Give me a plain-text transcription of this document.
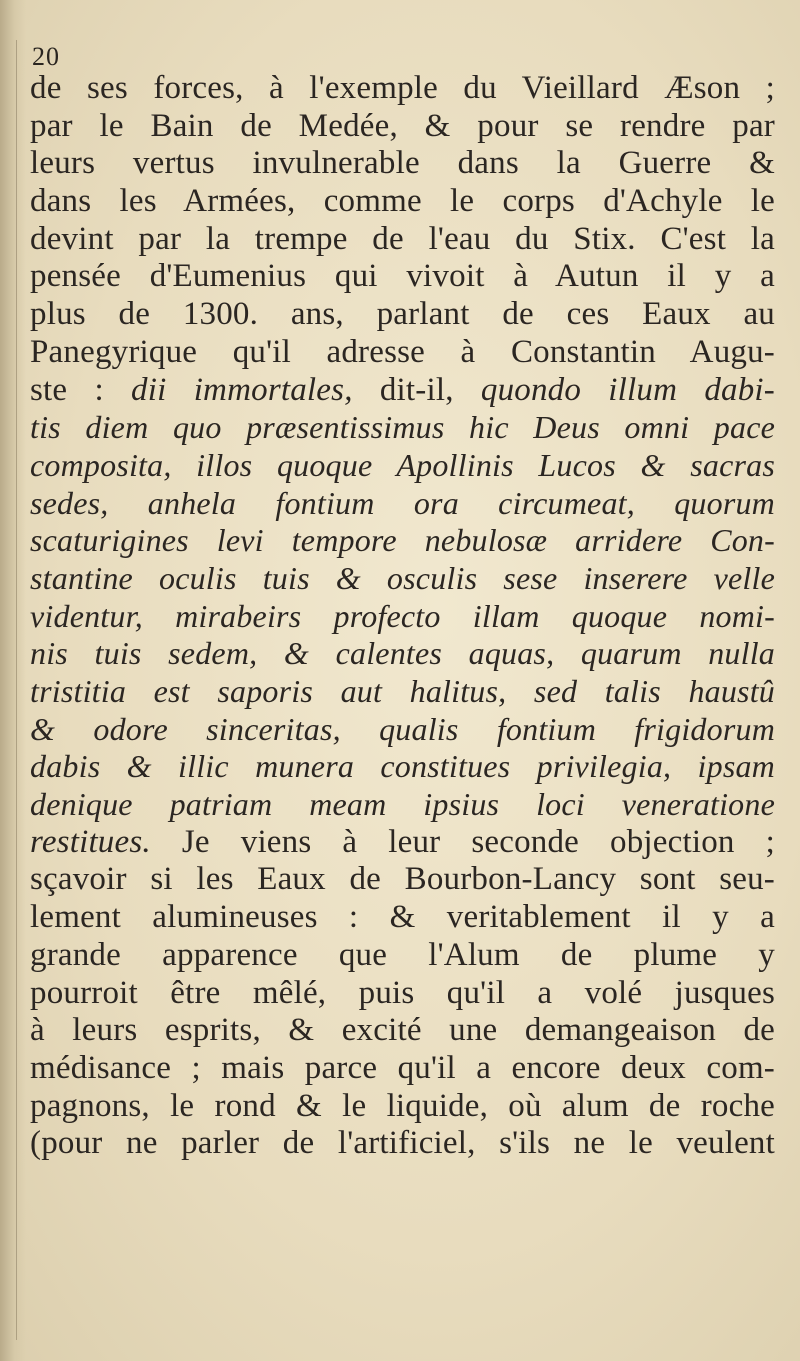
20
de ses forces, à l'exemple du Vieillard Æson ;
par le Bain de Medée, & pour se rendre par
leurs vertus invulnerable dans la Guerre &
dans les Armées, comme le corps d'Achyle le
devint par la trempe de l'eau du Stix. C'est la
pensée d'Eumenius qui vivoit à Autun il y a
plus de 1300. ans, parlant de ces Eaux au
Panegyrique qu'il adresse à Constantin Augu-
ste : dii immortales, dit-il, quondo illum dabi-
tis diem quo præsentissimus hic Deus omni pace
composita, illos quoque Apollinis Lucos & sacras
sedes, anhela fontium ora circumeat, quorum
scaturigines levi tempore nebulosæ arridere Con-
stantine oculis tuis & osculis sese inserere velle
videntur, mirabeirs profecto illam quoque nomi-
nis tuis sedem, & calentes aquas, quarum nulla
tristitia est saporis aut halitus, sed talis haustû
& odore sinceritas, qualis fontium frigidorum
dabis & illic munera constitues privilegia, ipsam
denique patriam meam ipsius loci veneratione
restitues. Je viens à leur seconde objection ;
sçavoir si les Eaux de Bourbon-Lancy sont seu-
lement alumineuses : & veritablement il y a
grande apparence que l'Alum de plume y
pourroit être mêlé, puis qu'il a volé jusques
à leurs esprits, & excité une demangeaison de
médisance ; mais parce qu'il a encore deux com-
pagnons, le rond & le liquide, où alum de roche
(pour ne parler de l'artificiel, s'ils ne le veulent
